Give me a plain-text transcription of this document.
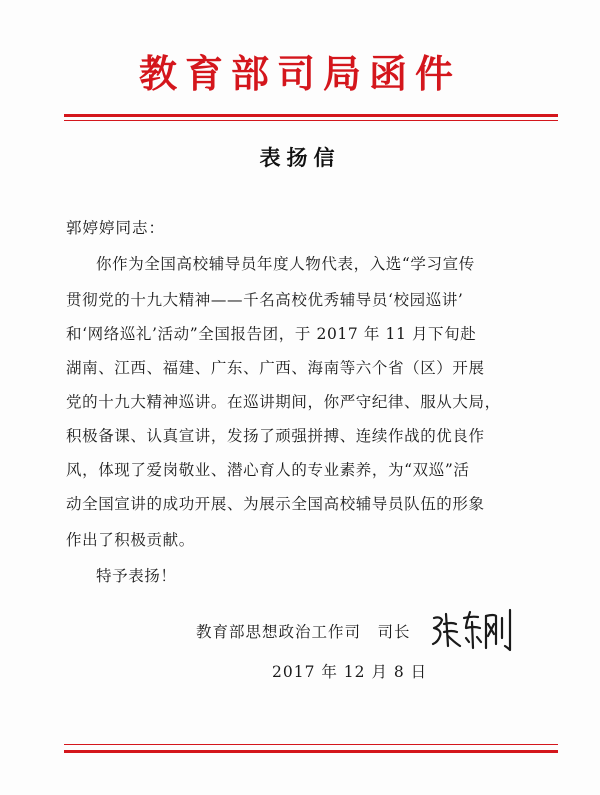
教育部司局函件
表扬信
郭婷婷同志：
你作为全国高校辅导员年度人物代表，入选“学习宣传
贯彻党的十九大精神——千名高校优秀辅导员‘校园巡讲’
和‘网络巡礼’活动”全国报告团，于 2017 年 11 月下旬赴
湖南、江西、福建、广东、广西、海南等六个省（区）开展
党的十九大精神巡讲。在巡讲期间，你严守纪律、服从大局，
积极备课、认真宣讲，发扬了顽强拼搏、连续作战的优良作
风，体现了爱岗敬业、潜心育人的专业素养，为“双巡”活
动全国宣讲的成功开展、为展示全国高校辅导员队伍的形象
作出了积极贡献。
特予表扬！
教育部思想政治工作司　司长
2017 年 12 月 8 日
